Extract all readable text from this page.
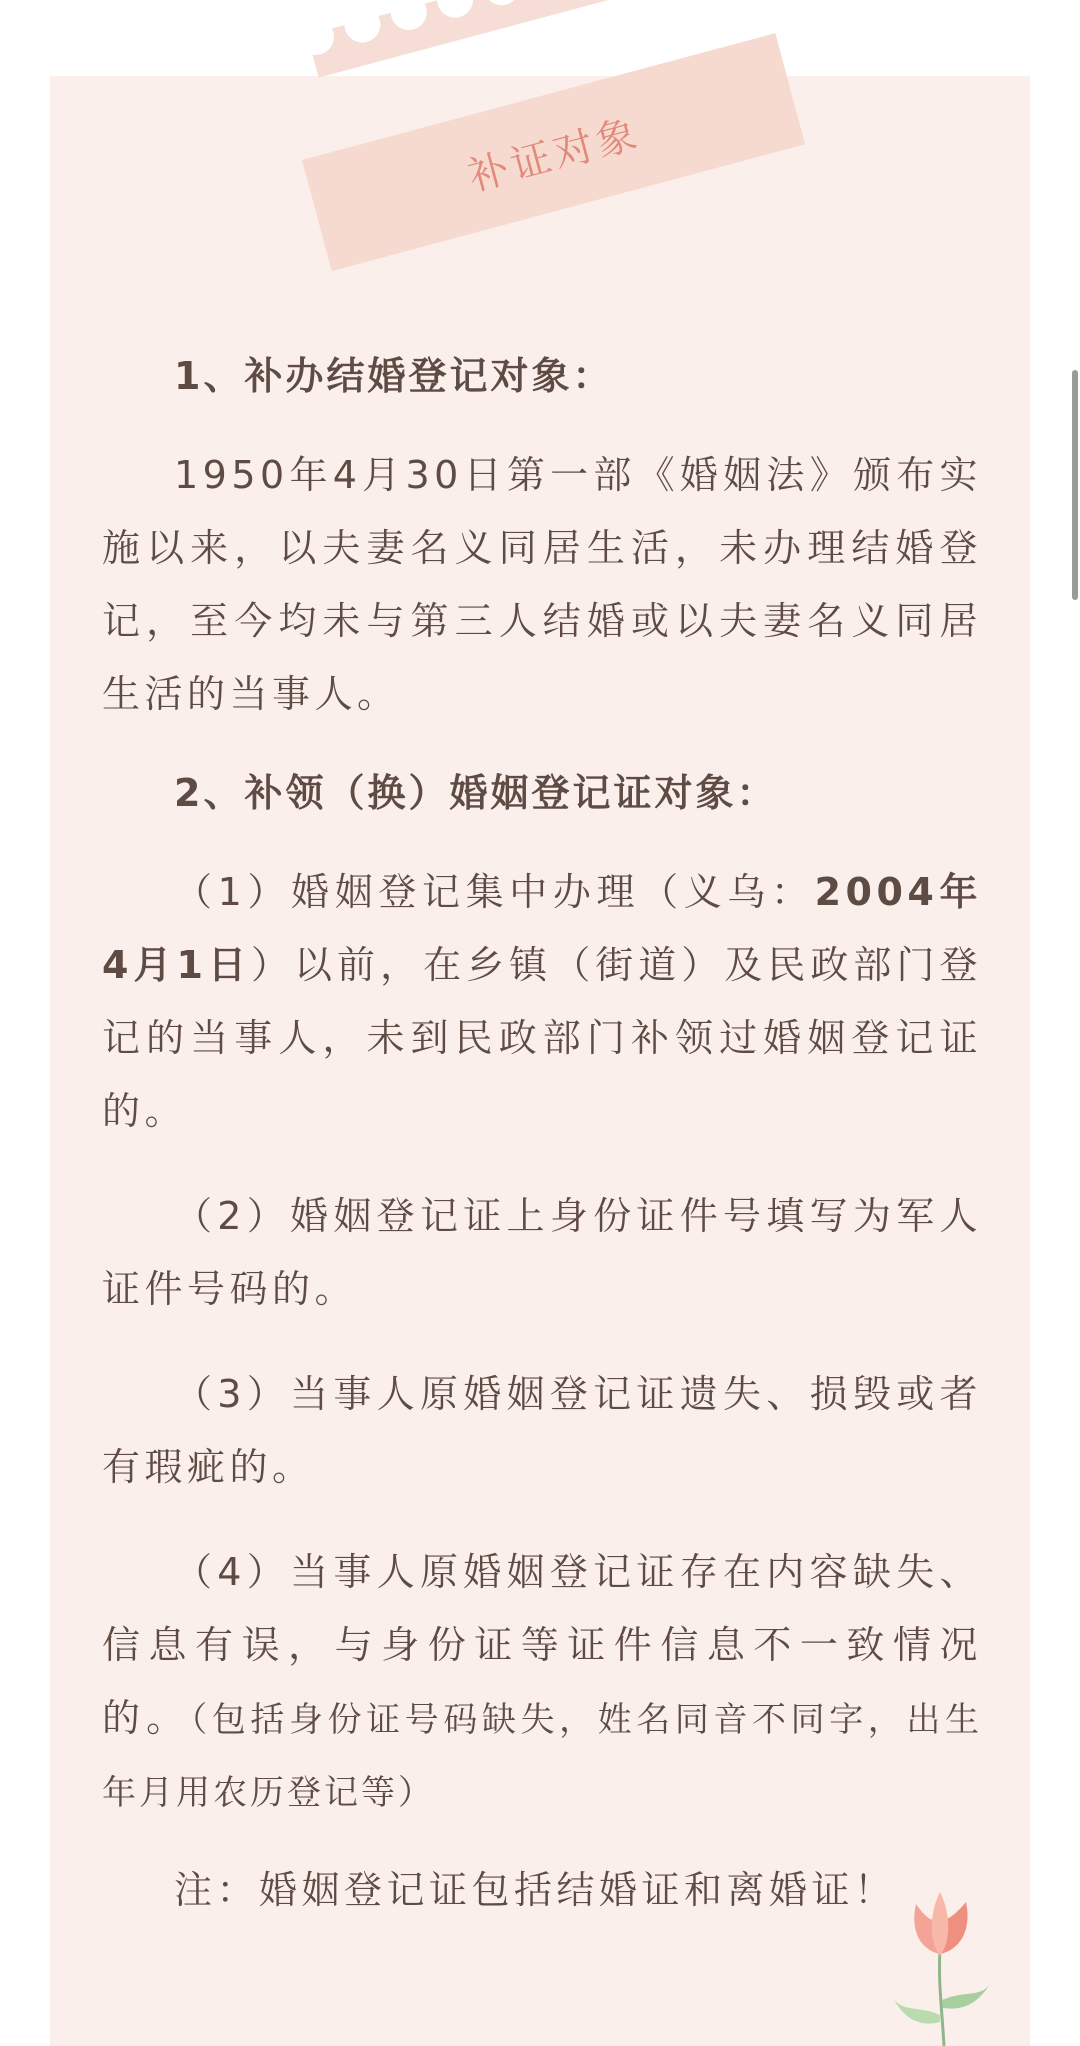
补证对象

1、补办结婚登记对象：

1950年4月30日第一部《婚姻法》颁布实施以来，以夫妻名义同居生活，未办理结婚登记，至今均未与第三人结婚或以夫妻名义同居生活的当事人。

2、补领（换）婚姻登记证对象：

（1）婚姻登记集中办理（义乌：2004年4月1日）以前，在乡镇（街道）及民政部门登记的当事人，未到民政部门补领过婚姻登记证的。

（2）婚姻登记证上身份证件号填写为军人证件号码的。

（3）当事人原婚姻登记证遗失、损毁或者有瑕疵的。

（4）当事人原婚姻登记证存在内容缺失、信息有误，与身份证等证件信息不一致情况的。（包括身份证号码缺失，姓名同音不同字，出生年月用农历登记等）

注：婚姻登记证包括结婚证和离婚证！
